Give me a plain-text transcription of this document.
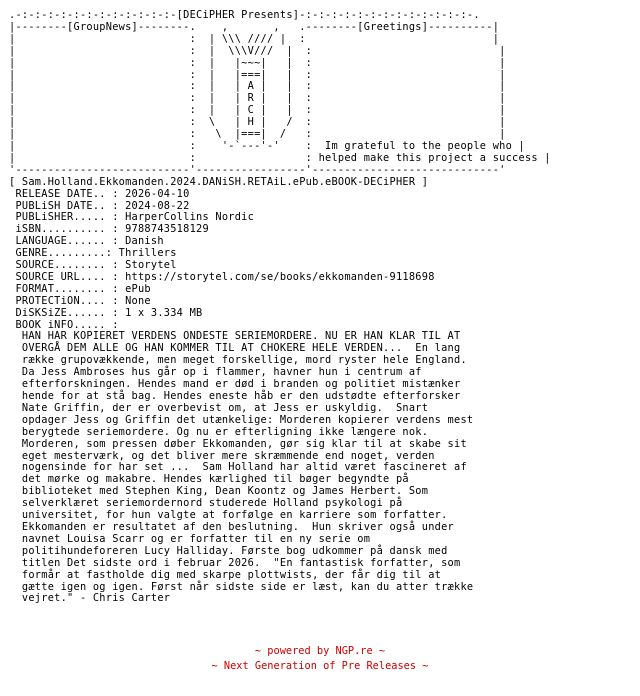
.-:-:-:-:-:-:-:-:-:-:-:-:-[DECiPHER Presents]-:-:-:-:-:-:-:-:-:-:-:-:-:-.
|--------[GroupNews]--------.    ,       ,   .--------[Greetings]----------|
|                           :  | \\\ //// |  :                             |
|                           :  |  \\\V///  |  :                             |
|                           :  |   |~~~|   |  :                             |
|                           :  |   |===|   |  :                             |
|                           :  |   | A |   |  :                             |
|                           :  |   | R |   |  :                             |
|                           :  |   | C |   |  :                             |
|                           :  \   | H |   /  :                             |
|                           :   \  |===|  /   :                             |
|                           :    '-`---'-'    :  Im grateful to the people who |
|                           :                 : helped make this project a success |
'---------------------------'-----------------'-----------------------------'
[ Sam.Holland.Ekkomanden.2024.DANiSH.RETAiL.ePub.eBOOK-DECiPHER ]
RELEASE DATE.. : 2026-04-10
PUBLiSH DATE.. : 2024-08-22
PUBLiSHER..... : HarperCollins Nordic
iSBN.......... : 9788743518129
LANGUAGE...... : Danish
GENRE.........: Thrillers
SOURCE........ : Storytel
SOURCE URL.... : https://storytel.com/se/books/ekkomanden-9118698
FORMAT........ : ePub
PROTECTiON.... : None
DiSKSiZE...... : 1 x 3.334 MB
BOOK iNFO..... :
HAN HAR KOPIERET VERDENS ONDESTE SERIEMORDERE. NU ER HAN KLAR TIL AT
OVERGÅ DEM ALLE OG HAN KOMMER TIL AT CHOKERE HELE VERDEN...  En lang
række grupovækkende, men meget forskellige, mord ryster hele England.
Da Jess Ambroses hus går op i flammer, havner hun i centrum af
efterforskningen. Hendes mand er død i branden og politiet mistænker
hende for at stå bag. Hendes eneste håb er den udstødte efterforsker
Nate Griffin, der er overbevist om, at Jess er uskyldig.  Snart
opdager Jess og Griffin det utænkelige: Morderen kopierer verdens mest
berygtede seriemordere. Og nu er efterligning ikke længere nok.
Morderen, som pressen døber Ekkomanden, gør sig klar til at skabe sit
eget mesterværk, og det bliver mere skræmmende end noget, verden
nogensinde for har set ...  Sam Holland har altid været fascineret af
det mørke og makabre. Hendes kærlighed til bøger begyndte på
biblioteket med Stephen King, Dean Koontz og James Herbert. Som
selverklæret seriemordernord studerede Holland psykologi på
universitet, for hun valgte at forfølge en karriere som forfatter.
Ekkomanden er resultatet af den beslutning.  Hun skriver også under
navnet Louisa Scarr og er forfatter til en ny serie om
politihundeforeren Lucy Halliday. Første bog udkommer på dansk med
titlen Det sidste ord i februar 2026.  "En fantastisk forfatter, som
formår at fastholde dig med skarpe plottwists, der får dig til at
gætte igen og igen. Først når sidste side er læst, kan du atter trække
vejret." - Chris Carter
~ powered by NGP.re ~
~ Next Generation of Pre Releases ~
